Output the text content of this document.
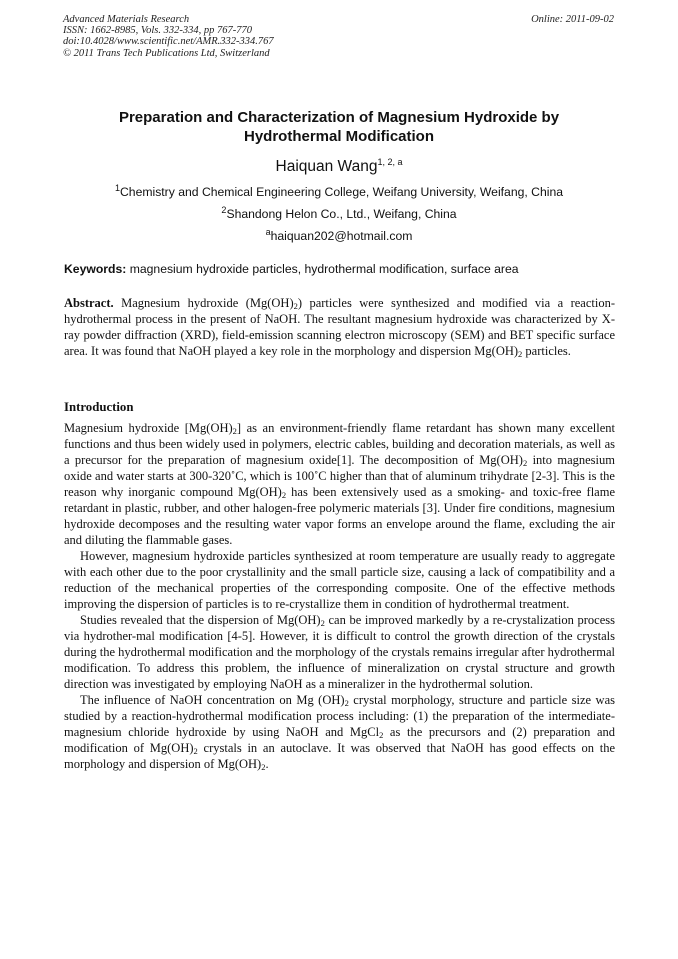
Advanced Materials Research
ISSN: 1662-8985, Vols. 332-334, pp 767-770
doi:10.4028/www.scientific.net/AMR.332-334.767
© 2011 Trans Tech Publications Ltd, Switzerland
Online: 2011-09-02
Preparation and Characterization of Magnesium Hydroxide by
Hydrothermal Modification
Haiquan Wang$^{1, 2, a}$
$^1$Chemistry and Chemical Engineering College, Weifang University, Weifang, China
$^2$Shandong Helon Co., Ltd., Weifang, China
$^a$haiquan202@hotmail.com
Keywords: magnesium hydroxide particles, hydrothermal modification, surface area
Abstract. Magnesium hydroxide $(Mg(OH)_2)$ particles were synthesized and modified via a reaction-hydrothermal process in the present of NaOH. The resultant magnesium hydroxide was characterized by X-ray powder diffraction (XRD), field-emission scanning electron microscopy (SEM) and BET specific surface area. It was found that NaOH played a key role in the morphology and dispersion $Mg(OH)_2$ particles.
Introduction

Magnesium hydroxide $[Mg(OH)_2]$ as an environment-friendly flame retardant has shown many excellent functions and thus been widely used in polymers, electric cables, building and decoration materials, as well as a precursor for the preparation of magnesium oxide[1]. The decomposition of $Mg(OH)_2$ into magnesium oxide and water starts at 300-320˚C, which is 100˚C higher than that of aluminum trihydrate [2-3]. This is the reason why inorganic compound $Mg(OH)_2$ has been extensively used as a smoking- and toxic-free flame retardant in plastic, rubber, and other halogen-free polymeric materials [3]. Under fire conditions, magnesium hydroxide decomposes and the resulting water vapor forms an envelope around the flame, excluding the air and diluting the flammable gases.

However, magnesium hydroxide particles synthesized at room temperature are usually ready to aggregate with each other due to the poor crystallinity and the small particle size, causing a lack of compatibility and a reduction of the mechanical properties of the corresponding composite. One of the effective methods improving the dispersion of particles is to re-crystallize them in condition of hydrothermal treatment.

Studies revealed that the dispersion of $Mg(OH)_2$ can be improved markedly by a re-crystalization process via hydrother-mal modification [4-5]. However, it is difficult to control the growth direction of the crystals during the hydrothermal modification and the morphology of the crystals remains irregular after hydrothermal modification. To address this problem, the influence of mineralization on crystal structure and growth direction was investigated by employing NaOH as a mineralizer in the hydrothermal solution.

The influence of NaOH concentration on Mg $(OH)_2$ crystal morphology, structure and particle size was studied by a reaction-hydrothermal modification process including: (1) the preparation of the intermediate-magnesium chloride hydroxide by using NaOH and MgCl$_2$ as the precursors and (2) preparation and modification of $Mg(OH)_2$ crystals in an autoclave. It was observed that NaOH has good effects on the morphology and dispersion of $Mg(OH)_2$.
